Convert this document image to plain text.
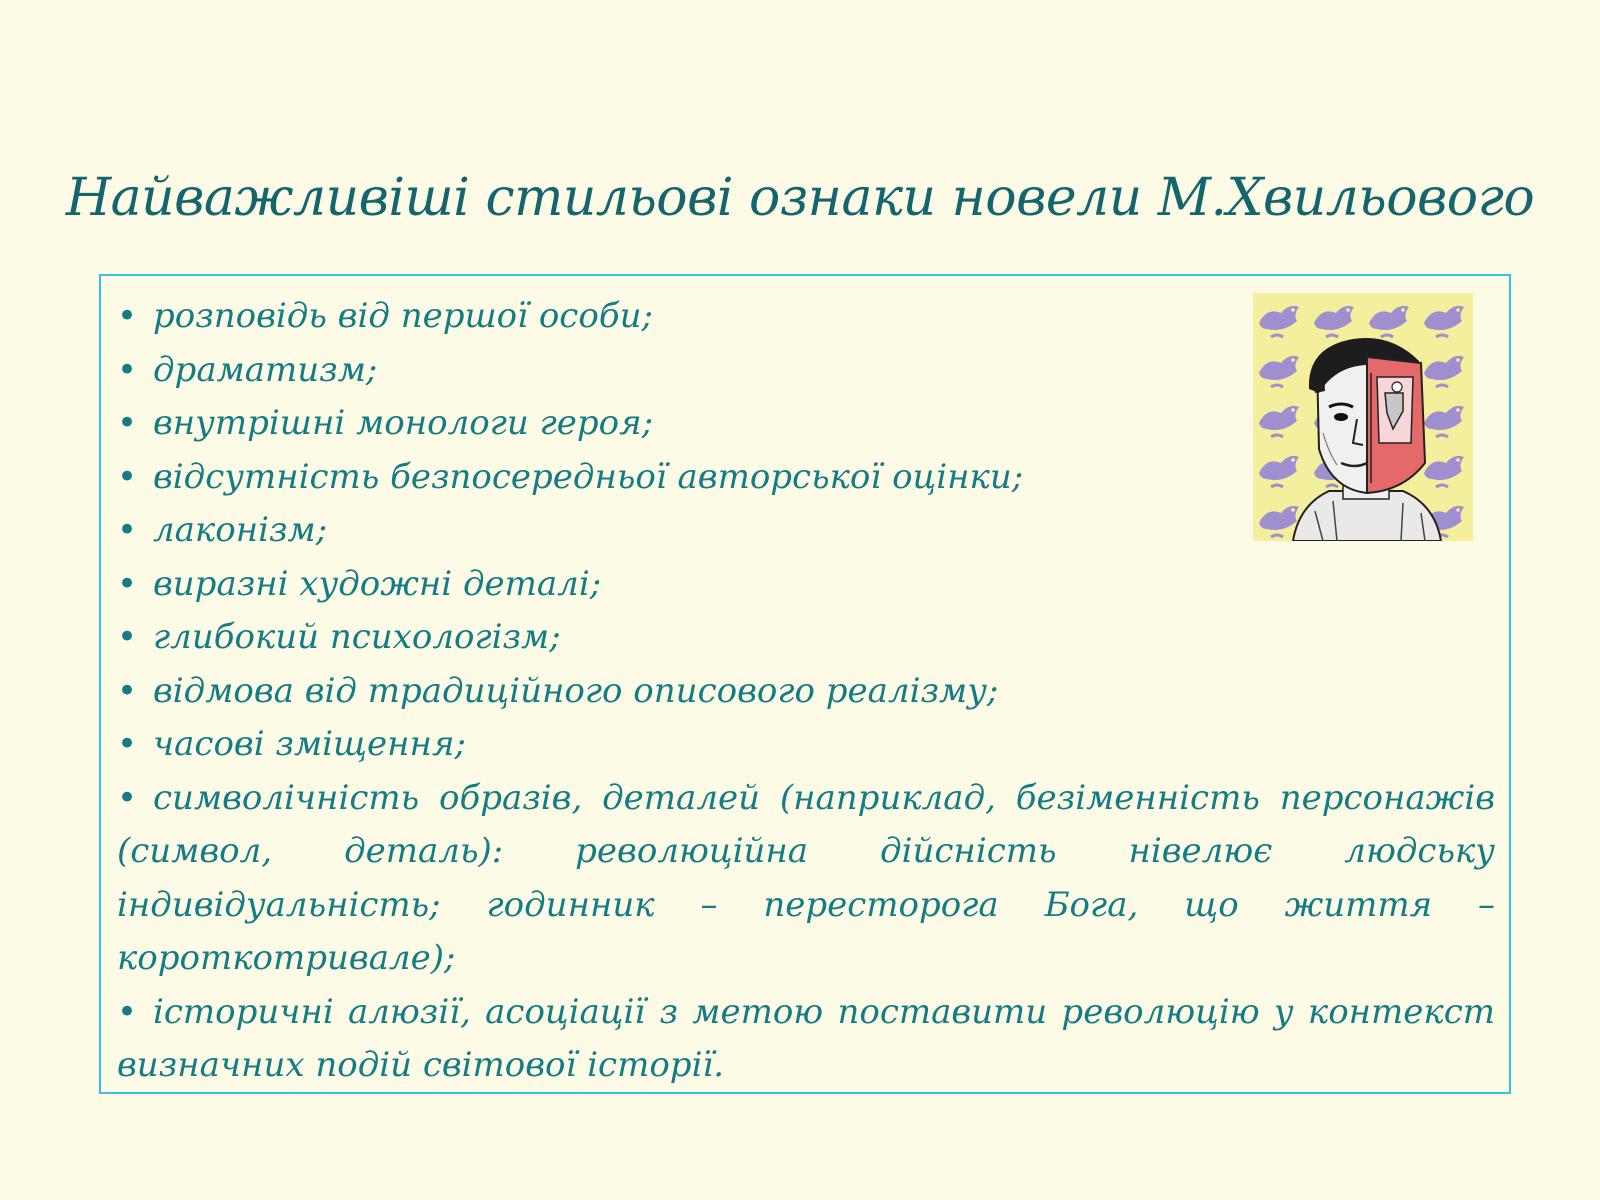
Найважливіші стильові ознаки новели М.Хвильового
• розповідь від першої особи;
• драматизм;
• внутрішні монологи героя;
• відсутність безпосередньої авторської оцінки;
• лаконізм;
• виразні художні деталі;
• глибокий психологізм;
• відмова від традиційного описового реалізму;
• часові зміщення;
• символічність образів, деталей (наприклад, безіменність персонажів (символ, деталь): революційна дійсність нівелює людську індивідуальність; годинник – пересторога Бога, що життя – короткотривале);
• історичні алюзії, асоціації з метою поставити революцію у контекст визначних подій світової історії.
